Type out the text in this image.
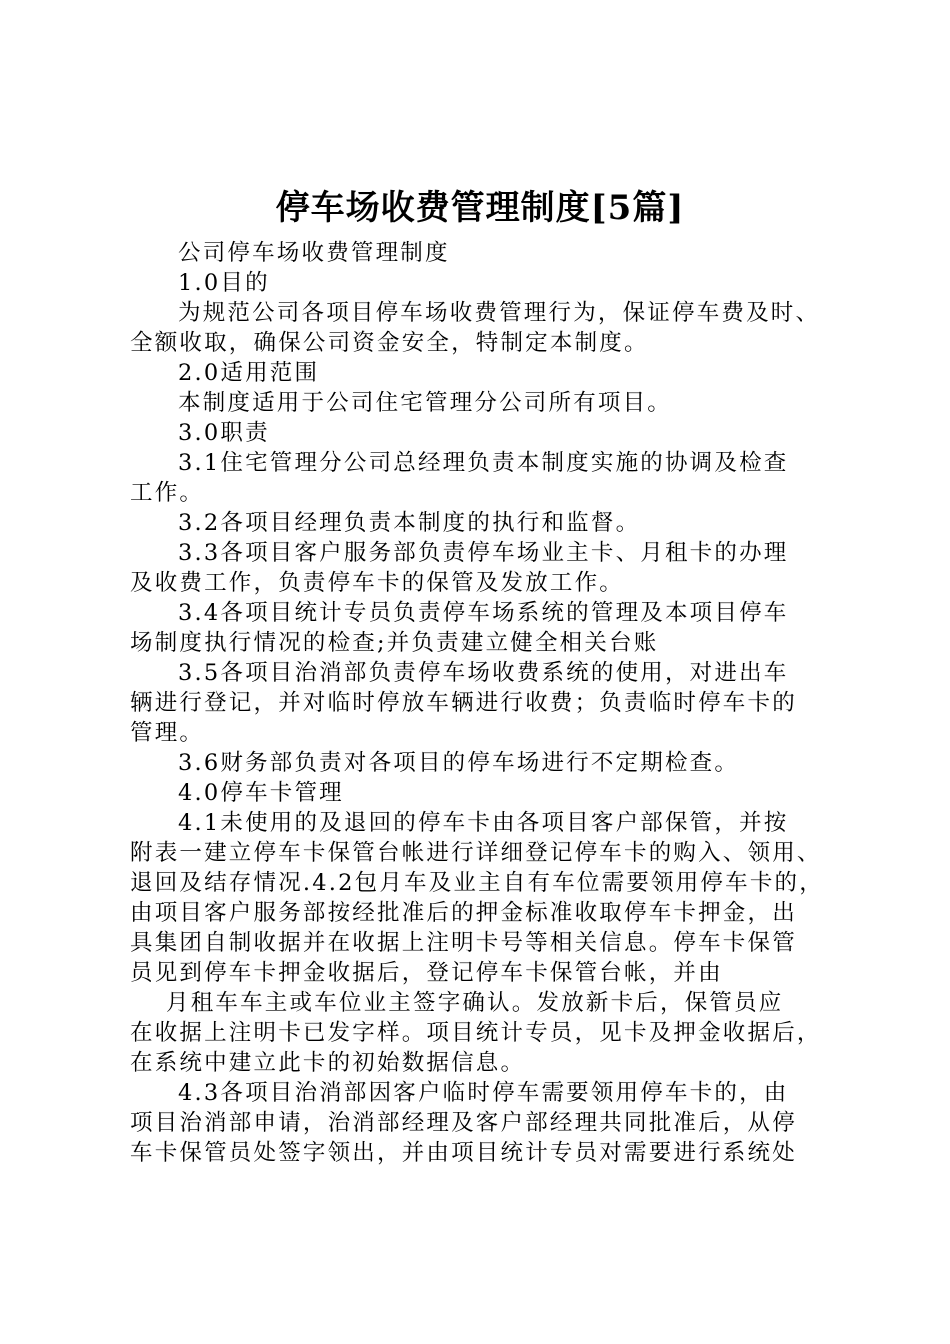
停车场收费管理制度[5篇]

公司停车场收费管理制度

1.0目的

为规范公司各项目停车场收费管理行为，保证停车费及时、

全额收取，确保公司资金安全，特制定本制度。

2.0适用范围

本制度适用于公司住宅管理分公司所有项目。

3.0职责

3.1住宅管理分公司总经理负责本制度实施的协调及检查

工作。

3.2各项目经理负责本制度的执行和监督。

3.3各项目客户服务部负责停车场业主卡、月租卡的办理

及收费工作，负责停车卡的保管及发放工作。

3.4各项目统计专员负责停车场系统的管理及本项目停车

场制度执行情况的检查;并负责建立健全相关台账

3.5各项目治消部负责停车场收费系统的使用，对进出车

辆进行登记，并对临时停放车辆进行收费；负责临时停车卡的

管理。

3.6财务部负责对各项目的停车场进行不定期检查。

4.0停车卡管理

4.1未使用的及退回的停车卡由各项目客户部保管，并按

附表一建立停车卡保管台帐进行详细登记停车卡的购入、领用、

退回及结存情况.4.2包月车及业主自有车位需要领用停车卡的，

由项目客户服务部按经批准后的押金标准收取停车卡押金，出

具集团自制收据并在收据上注明卡号等相关信息。停车卡保管

员见到停车卡押金收据后，登记停车卡保管台帐，并由

月租车车主或车位业主签字确认。发放新卡后，保管员应

在收据上注明卡已发字样。项目统计专员，见卡及押金收据后，

在系统中建立此卡的初始数据信息。

4.3各项目治消部因客户临时停车需要领用停车卡的，由

项目治消部申请，治消部经理及客户部经理共同批准后，从停

车卡保管员处签字领出，并由项目统计专员对需要进行系统处
